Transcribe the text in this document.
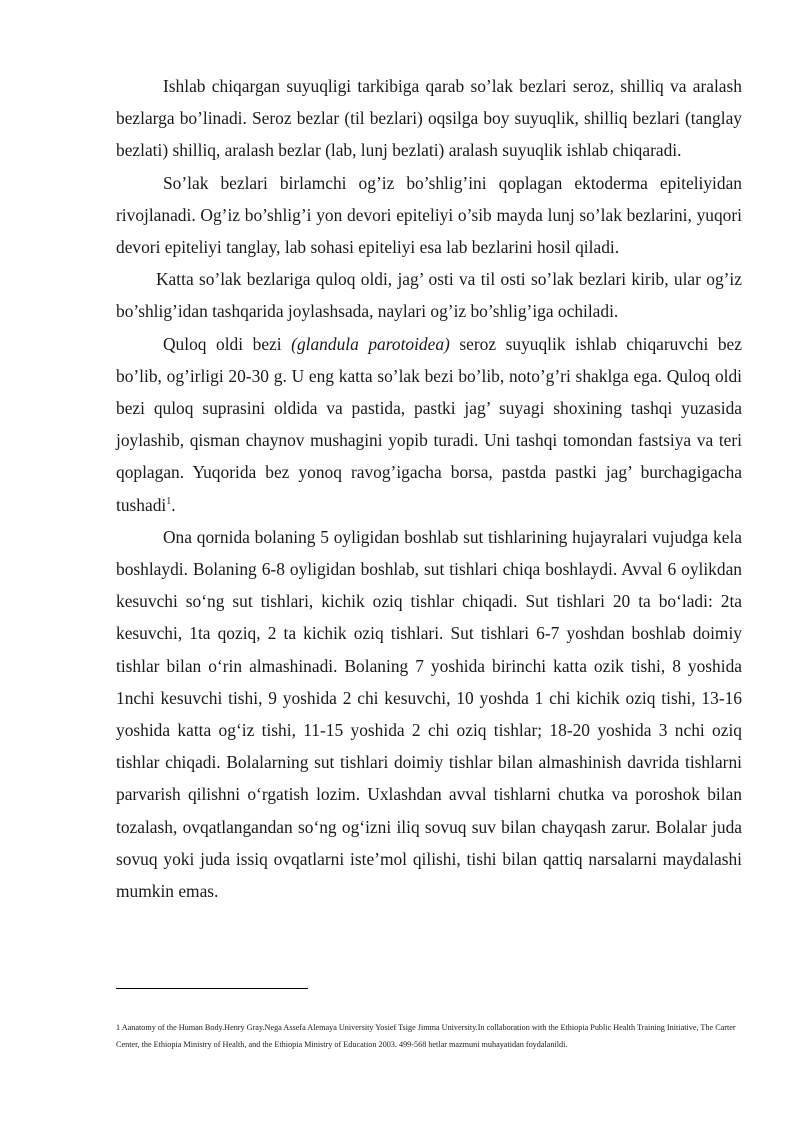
Ishlab chiqargan suyuqligi tarkibiga qarab so’lak bezlari seroz, shilliq va aralash bezlarga bo’linadi. Seroz bezlar (til bezlari) oqsilga boy suyuqlik, shilliq bezlari (tanglay bezlati) shilliq, aralash bezlar (lab, lunj bezlati) aralash suyuqlik ishlab chiqaradi.

So’lak bezlari birlamchi og’iz bo’shlig’ini qoplagan ektoderma epiteliyidan rivojlanadi. Og’iz bo’shlig’i yon devori epiteliyi o’sib mayda lunj so’lak bezlarini, yuqori devori epiteliyi tanglay, lab sohasi epiteliyi esa lab bezlarini hosil qiladi.

Katta so’lak bezlariga quloq oldi, jag’ osti va til osti so’lak bezlari kirib, ular og’iz bo’shlig’idan tashqarida joylashsada, naylari og’iz bo’shlig’iga ochiladi.

Quloq oldi bezi (glandula parotoidea) seroz suyuqlik ishlab chiqaruvchi bez bo’lib, og’irligi 20-30 g. U eng katta so’lak bezi bo’lib, noto’g’ri shaklga ega. Quloq oldi bezi quloq suprasini oldida va pastida, pastki jag’ suyagi shoxining tashqi yuzasida joylashib, qisman chaynov mushagini yopib turadi. Uni tashqi tomondan fastsiya va teri qoplagan. Yuqorida bez yonoq ravog’igacha borsa, pastda pastki jag’ burchagigacha tushadi$^1$.

Ona qornida bolaning 5 oyligidan boshlab sut tishlarining hujayralari vujudga kela boshlaydi. Bolaning 6-8 oyligidan boshlab, sut tishlari chiqa boshlaydi. Avval 6 oylikdan kesuvchi so‘ng sut tishlari, kichik oziq tishlar chiqadi. Sut tishlari 20 ta bo‘ladi: 2ta kesuvchi, 1ta qoziq, 2 ta kichik oziq tishlari. Sut tishlari 6-7 yoshdan boshlab doimiy tishlar bilan o‘rin almashinadi. Bolaning 7 yoshida birinchi katta ozik tishi, 8 yoshida 1nchi kesuvchi tishi, 9 yoshida 2 chi kesuvchi, 10 yoshda 1 chi kichik oziq tishi, 13-16 yoshida katta og‘iz tishi, 11-15 yoshida 2 chi oziq tishlar; 18-20 yoshida 3 nchi oziq tishlar chiqadi. Bolalarning sut tishlari doimiy tishlar bilan almashinish davrida tishlarni parvarish qilishni o‘rgatish lozim. Uxlashdan avval tishlarni chutka va poroshok bilan tozalash, ovqatlangandan so‘ng og‘izni iliq sovuq suv bilan chayqash zarur. Bolalar juda sovuq yoki juda issiq ovqatlarni iste’mol qilishi, tishi bilan qattiq narsalarni maydalashi mumkin emas.

1 Aanatomy of the Human Body.Henry Gray.Nega Assefa Alemaya University Yosief Tsige Jimma University.In collaboration with the Ethiopia Public Health Training Initiative, The Carter Center, the Ethiopia Ministry of Health, and the Ethiopia Ministry of Education 2003. 499-568 betlar mazmuni muhayatidan foydalanildi.
